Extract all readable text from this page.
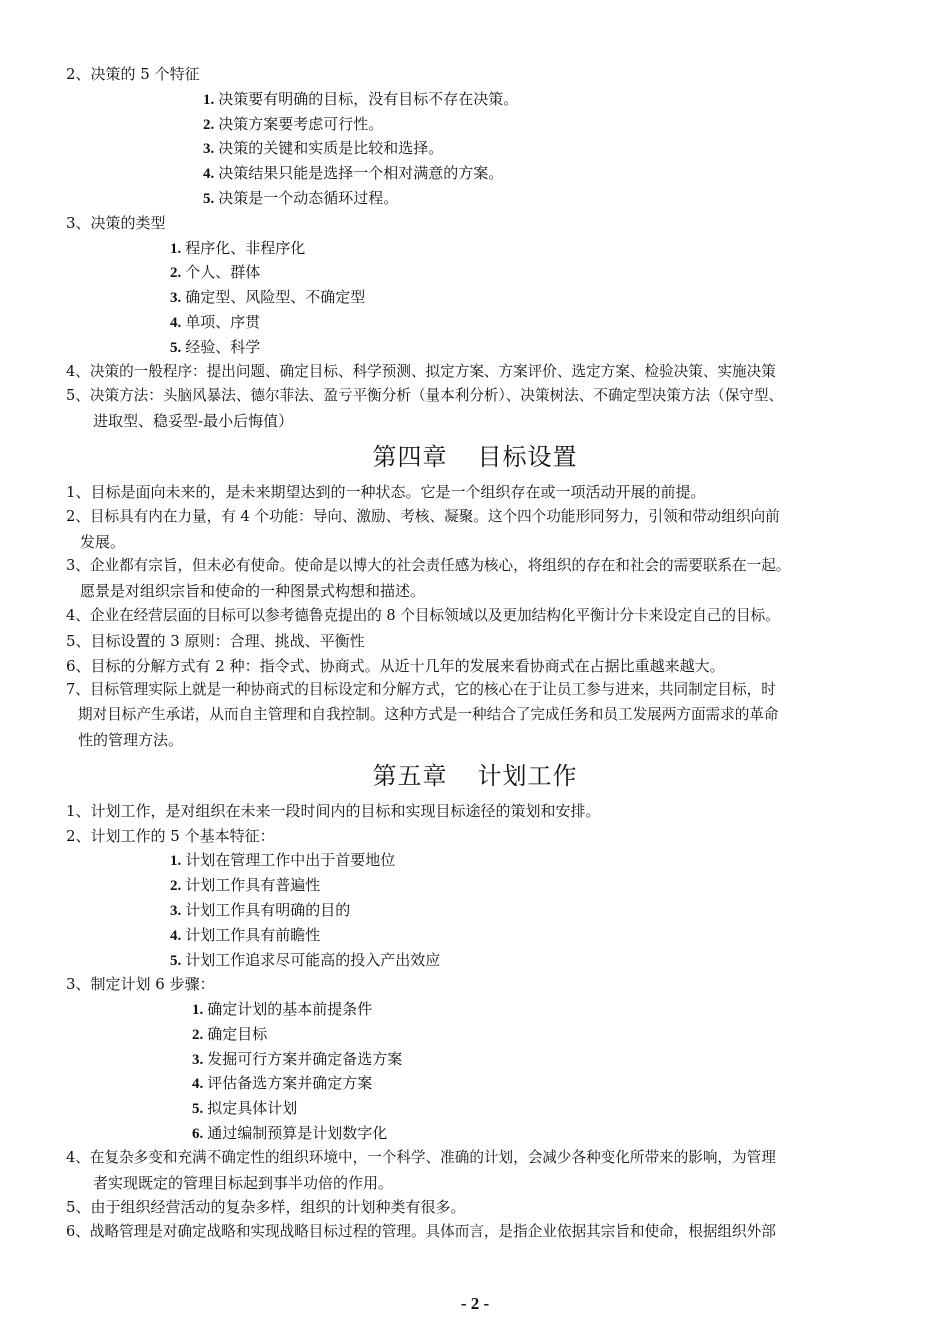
2、决策的 5 个特征
1. 决策要有明确的目标，没有目标不存在决策。
2. 决策方案要考虑可行性。
3. 决策的关键和实质是比较和选择。
4. 决策结果只能是选择一个相对满意的方案。
5. 决策是一个动态循环过程。
3、决策的类型
1. 程序化、非程序化
2. 个人、群体
3. 确定型、风险型、不确定型
4. 单项、序贯
5. 经验、科学
4、决策的一般程序：提出问题、确定目标、科学预测、拟定方案、方案评价、选定方案、检验决策、实施决策
5、决策方法：头脑风暴法、德尔菲法、盈亏平衡分析（量本利分析）、决策树法、不确定型决策方法（保守型、
进取型、稳妥型-最小后悔值）
第四章 目标设置
1、目标是面向未来的，是未来期望达到的一种状态。它是一个组织存在或一项活动开展的前提。
2、目标具有内在力量，有 4 个功能：导向、激励、考核、凝聚。这个四个功能形同努力，引领和带动组织向前
发展。
3、企业都有宗旨，但未必有使命。使命是以博大的社会责任感为核心，将组织的存在和社会的需要联系在一起。
愿景是对组织宗旨和使命的一种图景式构想和描述。
4、企业在经营层面的目标可以参考德鲁克提出的 8 个目标领域以及更加结构化平衡计分卡来设定自己的目标。
5、目标设置的 3 原则：合理、挑战、平衡性
6、目标的分解方式有 2 种：指令式、协商式。从近十几年的发展来看协商式在占据比重越来越大。
7、目标管理实际上就是一种协商式的目标设定和分解方式，它的核心在于让员工参与进来，共同制定目标，时
期对目标产生承诺，从而自主管理和自我控制。这种方式是一种结合了完成任务和员工发展两方面需求的革命
性的管理方法。
第五章 计划工作
1、计划工作，是对组织在未来一段时间内的目标和实现目标途径的策划和安排。
2、计划工作的 5 个基本特征：
1. 计划在管理工作中出于首要地位
2. 计划工作具有普遍性
3. 计划工作具有明确的目的
4. 计划工作具有前瞻性
5. 计划工作追求尽可能高的投入产出效应
3、制定计划 6 步骤：
1. 确定计划的基本前提条件
2. 确定目标
3. 发掘可行方案并确定备选方案
4. 评估备选方案并确定方案
5. 拟定具体计划
6. 通过编制预算是计划数字化
4、在复杂多变和充满不确定性的组织环境中，一个科学、准确的计划，会减少各种变化所带来的影响，为管理
者实现既定的管理目标起到事半功倍的作用。
5、由于组织经营活动的复杂多样，组织的计划种类有很多。
6、战略管理是对确定战略和实现战略目标过程的管理。具体而言，是指企业依据其宗旨和使命，根据组织外部
- 2 -
